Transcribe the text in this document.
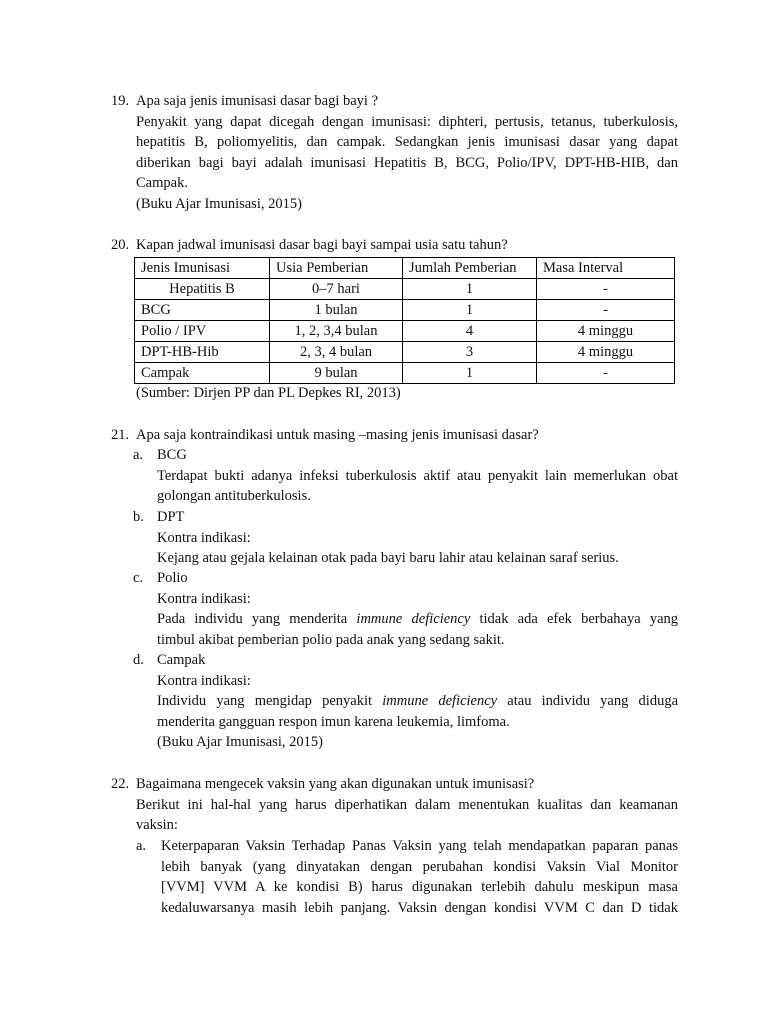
19. Apa saja jenis imunisasi dasar bagi bayi ?
Penyakit yang dapat dicegah dengan imunisasi: diphteri, pertusis, tetanus, tuberkulosis,
hepatitis B, poliomyelitis, dan campak. Sedangkan jenis imunisasi dasar yang dapat
diberikan bagi bayi adalah imunisasi Hepatitis B, BCG, Polio/IPV, DPT-HB-HIB, dan
Campak.
(Buku Ajar Imunisasi, 2015)
20. Kapan jadwal imunisasi dasar bagi bayi sampai usia satu tahun?
Jenis Imunisasi	Usia Pemberian	Jumlah Pemberian	Masa Interval
Hepatitis B	0–7 hari	1	-
BCG	1 bulan	1	-
Polio / IPV	1, 2, 3,4 bulan	4	4 minggu
DPT-HB-Hib	2, 3, 4 bulan	3	4 minggu
Campak	9 bulan	1	-
(Sumber: Dirjen PP dan PL Depkes RI, 2013)
21. Apa saja kontraindikasi untuk masing –masing jenis imunisasi dasar?
a. BCG
Terdapat bukti adanya infeksi tuberkulosis aktif atau penyakit lain memerlukan obat
golongan antituberkulosis.
b. DPT
Kontra indikasi:
Kejang atau gejala kelainan otak pada bayi baru lahir atau kelainan saraf serius.
c. Polio
Kontra indikasi:
Pada individu yang menderita immune deficiency tidak ada efek berbahaya yang
timbul akibat pemberian polio pada anak yang sedang sakit.
d. Campak
Kontra indikasi:
Individu yang mengidap penyakit immune deficiency atau individu yang diduga
menderita gangguan respon imun karena leukemia, limfoma.
(Buku Ajar Imunisasi, 2015)
22. Bagaimana mengecek vaksin yang akan digunakan untuk imunisasi?
Berikut ini hal-hal yang harus diperhatikan dalam menentukan kualitas dan keamanan
vaksin:
a. Keterpaparan Vaksin Terhadap Panas Vaksin yang telah mendapatkan paparan panas
lebih banyak (yang dinyatakan dengan perubahan kondisi Vaksin Vial Monitor
[VVM] VVM A ke kondisi B) harus digunakan terlebih dahulu meskipun masa
kedaluwarsanya masih lebih panjang. Vaksin dengan kondisi VVM C dan D tidak
